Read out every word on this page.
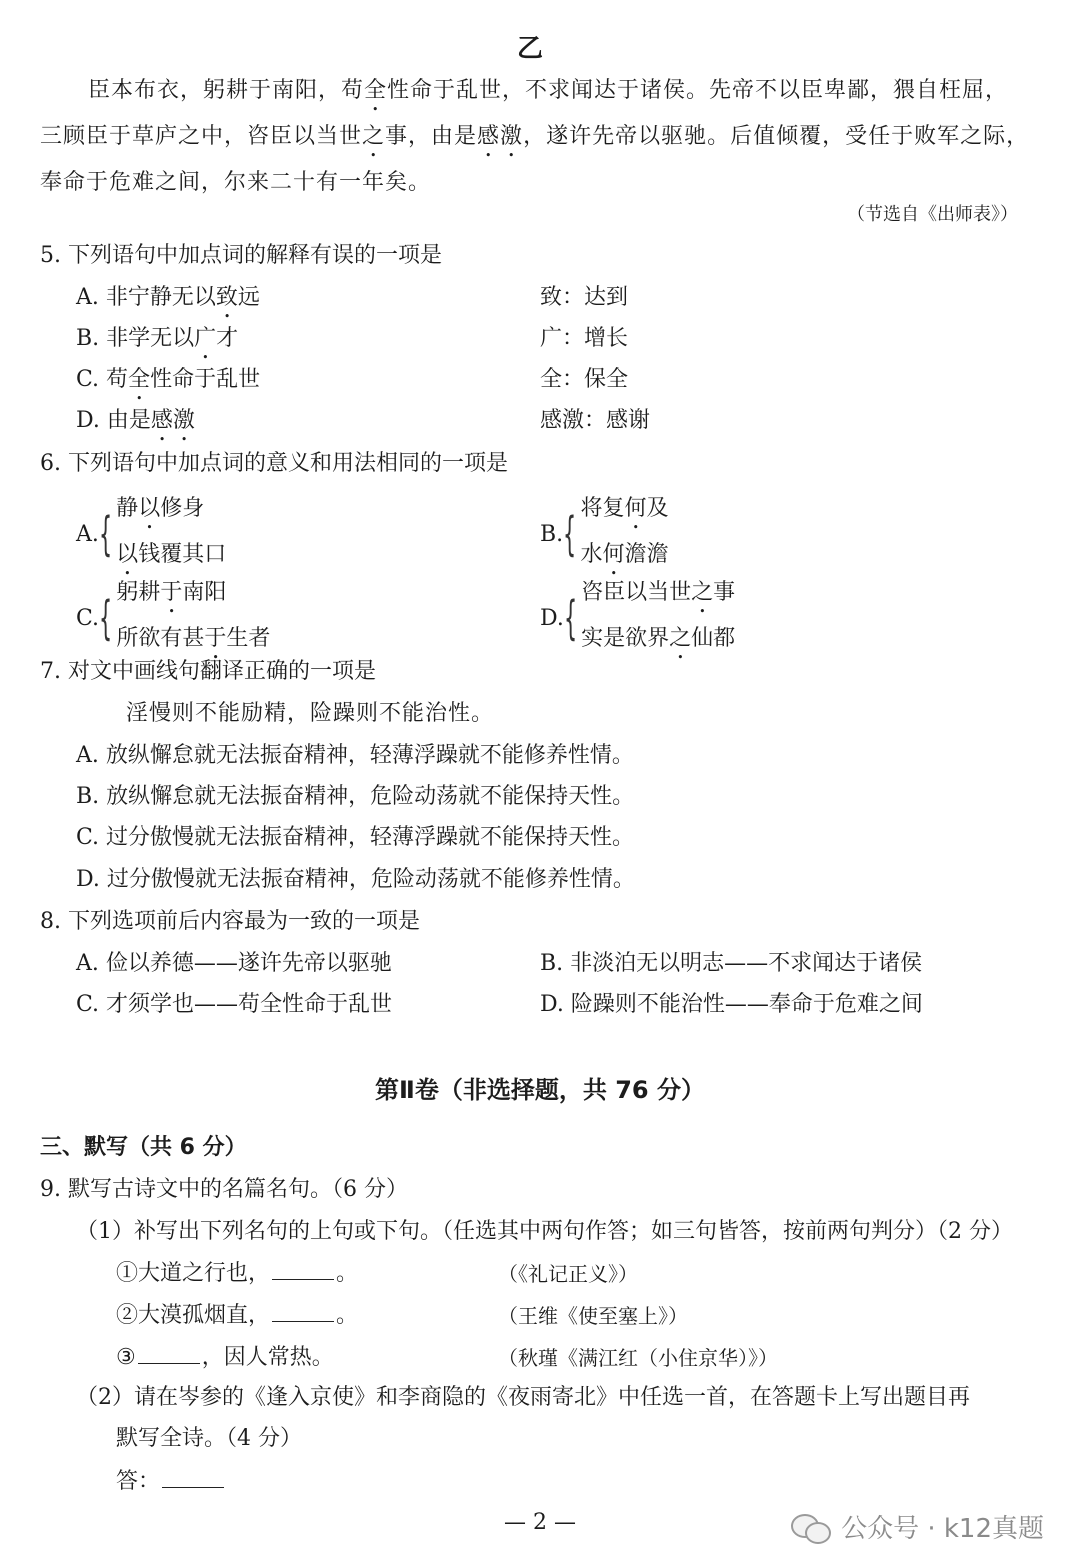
乙
臣本布衣，躬耕于南阳，苟全性命于乱世，不求闻达于诸侯。先帝不以臣卑鄙，猥自枉屈，三顾臣于草庐之中，咨臣以当世之事，由是感激，遂许先帝以驱驰。后值倾覆，受任于败军之际，奉命于危难之间，尔来二十有一年矣。
（节选自《出师表》）
5. 下列语句中加点词的解释有误的一项是
A. 非宁静无以致远	致：达到
B. 非学无以广才	广：增长
C. 苟全性命于乱世	全：保全
D. 由是感激	感激：感谢
6. 下列语句中加点词的意义和用法相同的一项是
A. { 静以修身
以钱覆其口
B. { 将复何及
水何澹澹
C. { 躬耕于南阳
所欲有甚于生者
D. { 咨臣以当世之事
实是欲界之仙都
7. 对文中画线句翻译正确的一项是
淫慢则不能励精，险躁则不能治性。
A. 放纵懈怠就无法振奋精神，轻薄浮躁就不能修养性情。
B. 放纵懈怠就无法振奋精神，危险动荡就不能保持天性。
C. 过分傲慢就无法振奋精神，轻薄浮躁就不能保持天性。
D. 过分傲慢就无法振奋精神，危险动荡就不能修养性情。
8. 下列选项前后内容最为一致的一项是
A. 俭以养德——遂许先帝以驱驰	B. 非淡泊无以明志——不求闻达于诸侯
C. 才须学也——苟全性命于乱世	D. 险躁则不能治性——奉命于危难之间
第Ⅱ卷（非选择题，共 76 分）
三、默写（共 6 分）
9. 默写古诗文中的名篇名句。（6 分）
（1）补写出下列名句的上句或下句。（任选其中两句作答；如三句皆答，按前两句判分）（2 分）
①大道之行也，	。	（《礼记正义》）
②大漠孤烟直，	。	（王维《使至塞上》）
③	，因人常热。	（秋瑾《满江红（小住京华）》）
（2）请在岑参的《逢入京使》和李商隐的《夜雨寄北》中任选一首，在答题卡上写出题目再
默写全诗。（4 分）
答：
— 2 —	公众号 · k12真题
